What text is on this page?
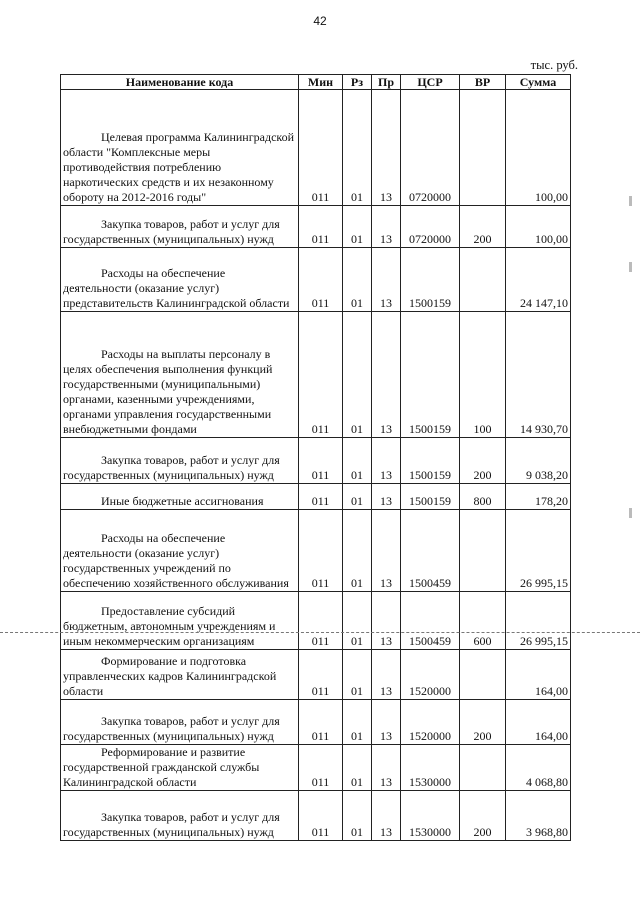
42
тыс. руб.
Наименование кода	Мин	Рз	Пр	ЦСР	ВР	Сумма
Целевая программа Калининградской области "Комплексные меры противодействия потреблению наркотических средств и их незаконному обороту на 2012-2016 годы"	011	01	13	0720000		100,00
Закупка товаров, работ и услуг для государственных (муниципальных) нужд	011	01	13	0720000	200	100,00
Расходы на обеспечение деятельности (оказание услуг) представительств Калининградской области	011	01	13	1500159		24 147,10
Расходы на выплаты персоналу в целях обеспечения выполнения функций государственными (муниципальными) органами, казенными учреждениями, органами управления государственными внебюджетными фондами	011	01	13	1500159	100	14 930,70
Закупка товаров, работ и услуг для государственных (муниципальных) нужд	011	01	13	1500159	200	9 038,20
Иные бюджетные ассигнования	011	01	13	1500159	800	178,20
Расходы на обеспечение деятельности (оказание услуг) государственных учреждений по обеспечению хозяйственного обслуживания	011	01	13	1500459		26 995,15
Предоставление субсидий бюджетным, автономным учреждениям и иным некоммерческим организациям	011	01	13	1500459	600	26 995,15
Формирование и подготовка управленческих кадров Калининградской области	011	01	13	1520000		164,00
Закупка товаров, работ и услуг для государственных (муниципальных) нужд	011	01	13	1520000	200	164,00
Реформирование и развитие государственной гражданской службы Калининградской области	011	01	13	1530000		4 068,80
Закупка товаров, работ и услуг для государственных (муниципальных) нужд	011	01	13	1530000	200	3 968,80
